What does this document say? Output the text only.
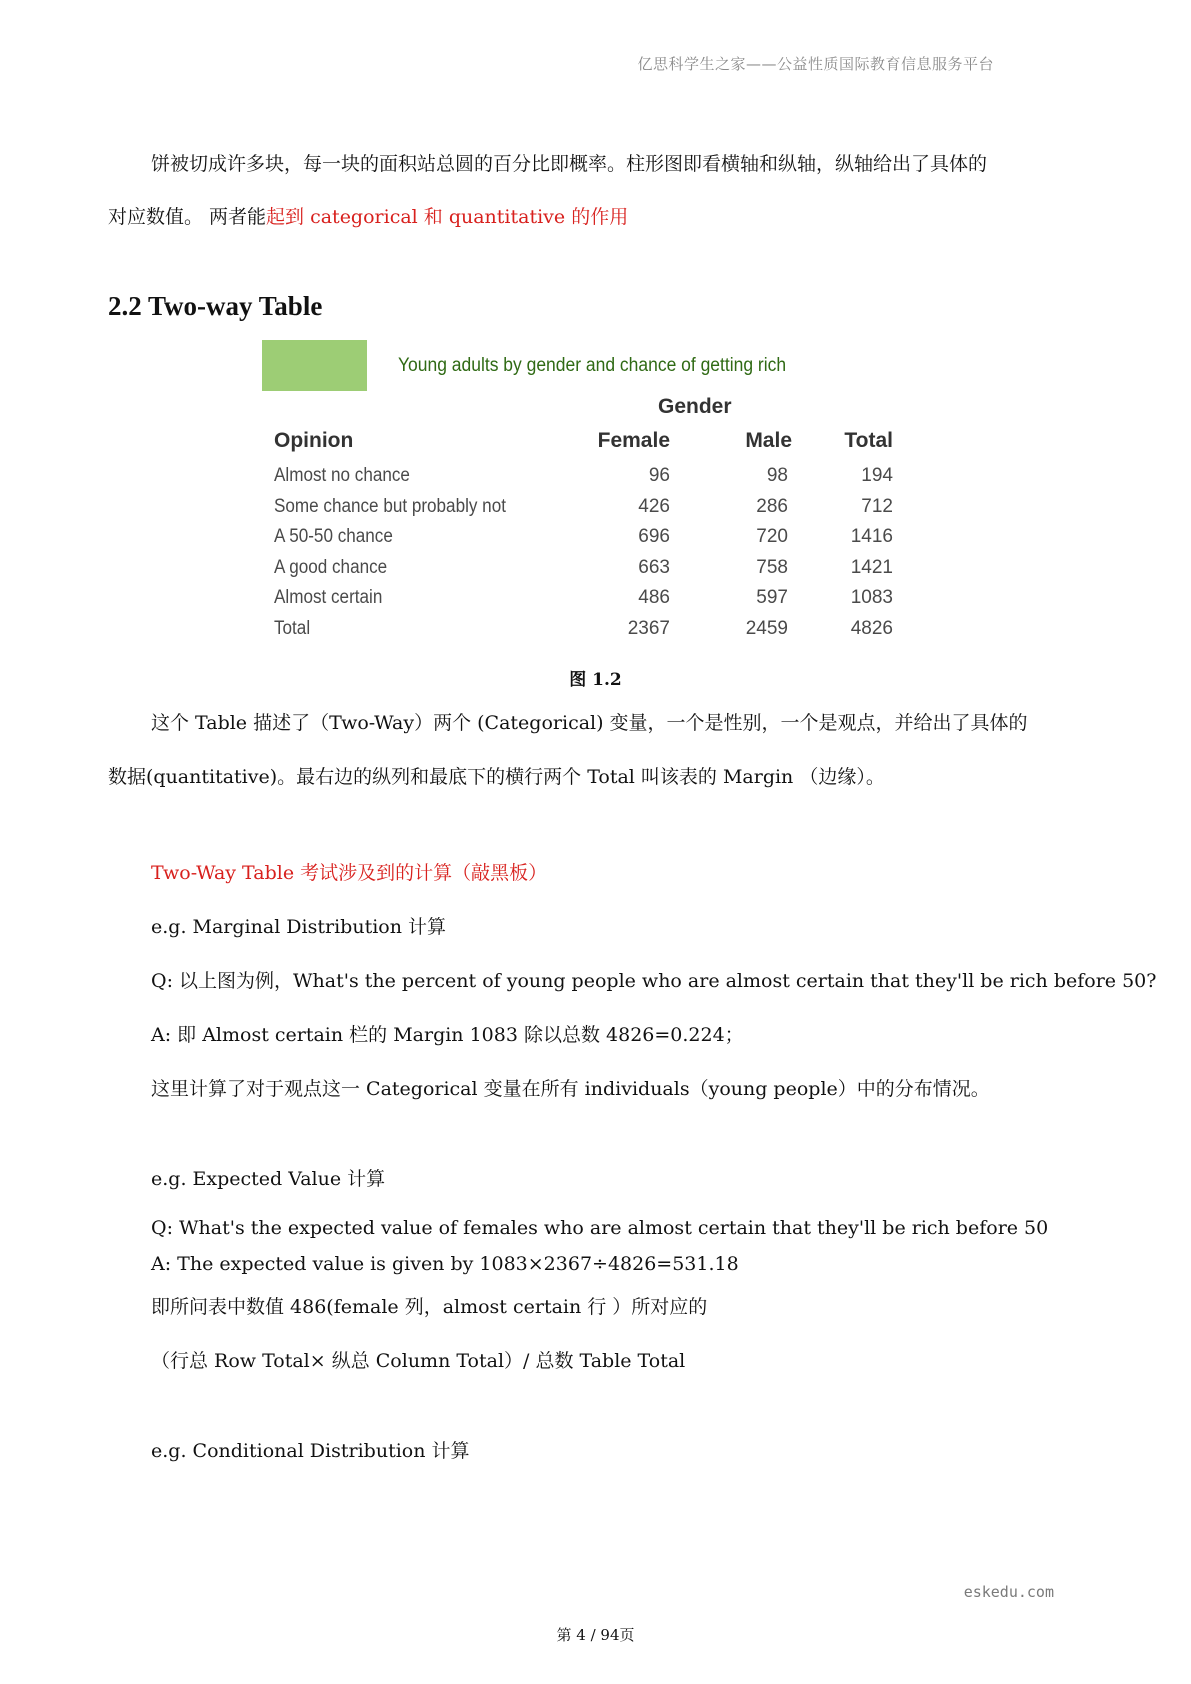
亿思科学生之家——公益性质国际教育信息服务平台
饼被切成许多块，每一块的面积站总圆的百分比即概率。柱形图即看横轴和纵轴，纵轴给出了具体的
对应数值。 两者能起到 categorical 和 quantitative 的作用
2.2 Two-way Table
Young adults by gender and chance of getting rich
Gender
Opinion	Female	Male	Total
Almost no chance	96	98	194
Some chance but probably not	426	286	712
A 50-50 chance	696	720	1416
A good chance	663	758	1421
Almost certain	486	597	1083
Total	2367	2459	4826
图 1.2
这个 Table 描述了（Two-Way）两个 (Categorical) 变量，一个是性别，一个是观点，并给出了具体的
数据(quantitative)。最右边的纵列和最底下的横行两个 Total 叫该表的 Margin （边缘）。
Two-Way Table 考试涉及到的计算（敲黑板）
e.g. Marginal Distribution 计算
Q: 以上图为例，What's the percent of young people who are almost certain that they'll be rich before 50?
A: 即 Almost certain 栏的 Margin 1083 除以总数 4826=0.224；
这里计算了对于观点这一 Categorical 变量在所有 individuals（young people）中的分布情况。
e.g. Expected Value 计算
Q: What's the expected value of females who are almost certain that they'll be rich before 50
A: The expected value is given by 1083×2367÷4826=531.18
即所问表中数值 486(female 列，almost certain 行 ）所对应的
（行总 Row Total× 纵总 Column Total）/ 总数 Table Total
e.g. Conditional Distribution 计算
eskedu.com
第 4 / 94页
